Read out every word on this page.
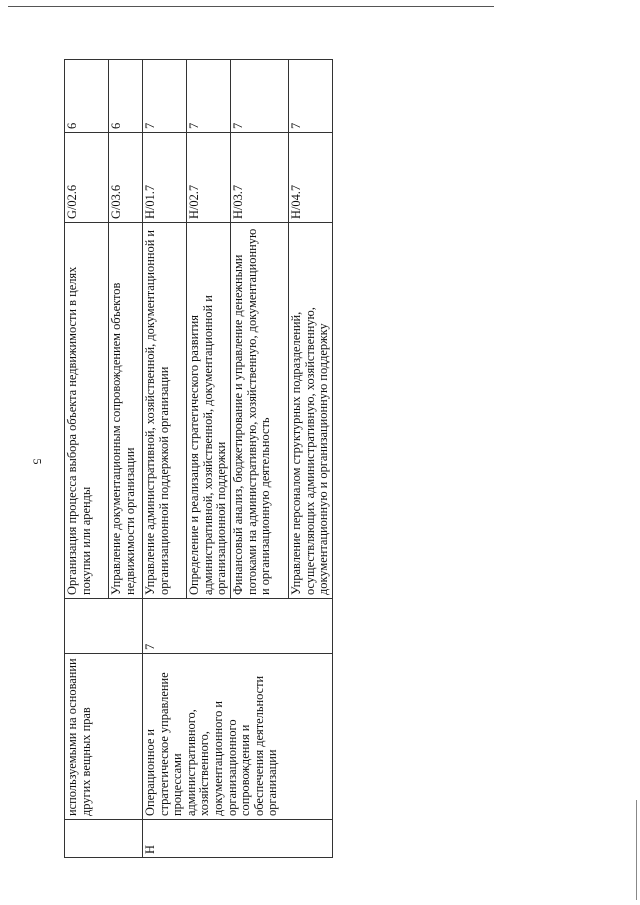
5
	используемыми на основании других вещных прав		Организация процесса выбора объекта недвижимости в целях покупки или аренды	G/02.6	6
			Управление документационным сопровождением объектов недвижимости организации	G/03.6	6
H	Операционное и стратегическое управление процессами административного, хозяйственного, документационного и организационного сопровождения и обеспечения деятельности организации	7	Управление административной, хозяйственной, документационной и организационной поддержкой организации	H/01.7	7
			Определение и реализация стратегического развития административной, хозяйственной, документационной и организационной поддержки	H/02.7	7
			Финансовый анализ, бюджетирование и управление денежными потоками на административную, хозяйственную, документационную и организационную деятельность	H/03.7	7
			Управление персоналом структурных подразделений, осуществляющих административную, хозяйственную, документационную и организационную поддержку	H/04.7	7
